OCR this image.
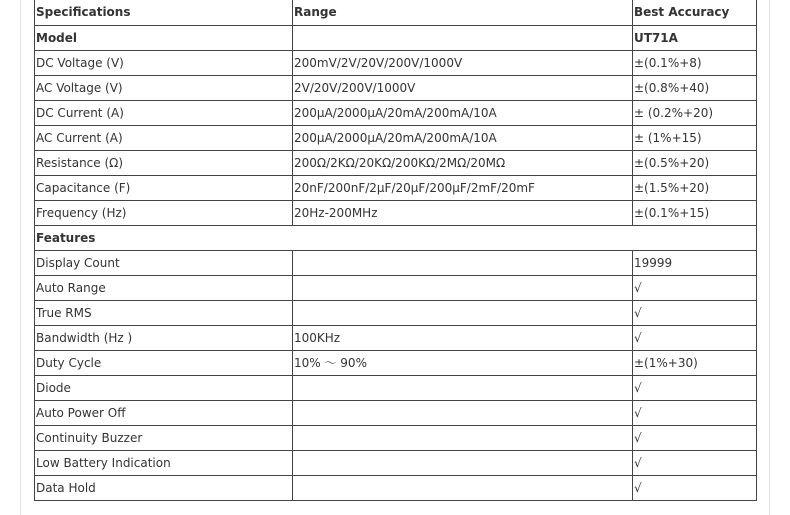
Specifications	Range	Best Accuracy
Model		UT71A
DC Voltage (V)	200mV/2V/20V/200V/1000V	±(0.1%+8)
AC Voltage (V)	2V/20V/200V/1000V	±(0.8%+40)
DC Current (A)	200μA/2000μA/20mA/200mA/10A	± (0.2%+20)
AC Current (A)	200μA/2000μA/20mA/200mA/10A	± (1%+15)
Resistance (Ω)	200Ω/2KΩ/20KΩ/200KΩ/2MΩ/20MΩ	±(0.5%+20)
Capacitance (F)	20nF/200nF/2μF/20μF/200μF/2mF/20mF	±(1.5%+20)
Frequency (Hz)	20Hz-200MHz	±(0.1%+15)
Features		
Display Count		19999
Auto Range		√
True RMS		√
Bandwidth (Hz )	100KHz	√
Duty Cycle	10% ～ 90%	±(1%+30)
Diode		√
Auto Power Off		√
Continuity Buzzer		√
Low Battery Indication		√
Data Hold		√
